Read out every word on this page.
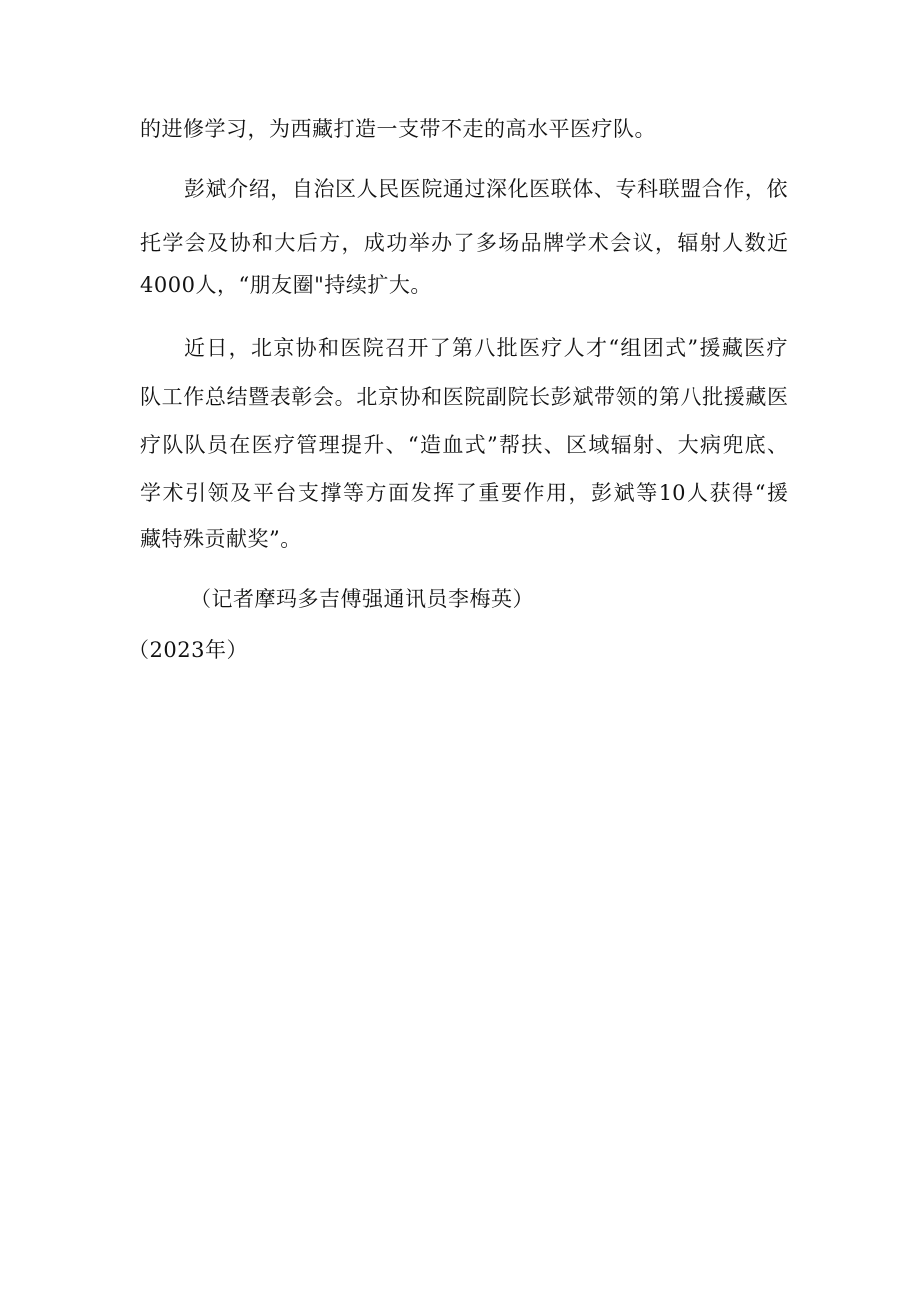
的进修学习，为西藏打造一支带不走的高水平医疗队。
彭斌介绍，自治区人民医院通过深化医联体、专科联盟合作，依
托学会及协和大后方，成功举办了多场品牌学术会议，辐射人数近
4000人，“朋友圈"持续扩大。
近日，北京协和医院召开了第八批医疗人才“组团式”援藏医疗
队工作总结暨表彰会。北京协和医院副院长彭斌带领的第八批援藏医
疗队队员在医疗管理提升、“造血式”帮扶、区域辐射、大病兜底、
学术引领及平台支撑等方面发挥了重要作用，彭斌等10人获得“援
藏特殊贡献奖”。
（记者摩玛多吉傅强通讯员李梅英）
（2023年）
